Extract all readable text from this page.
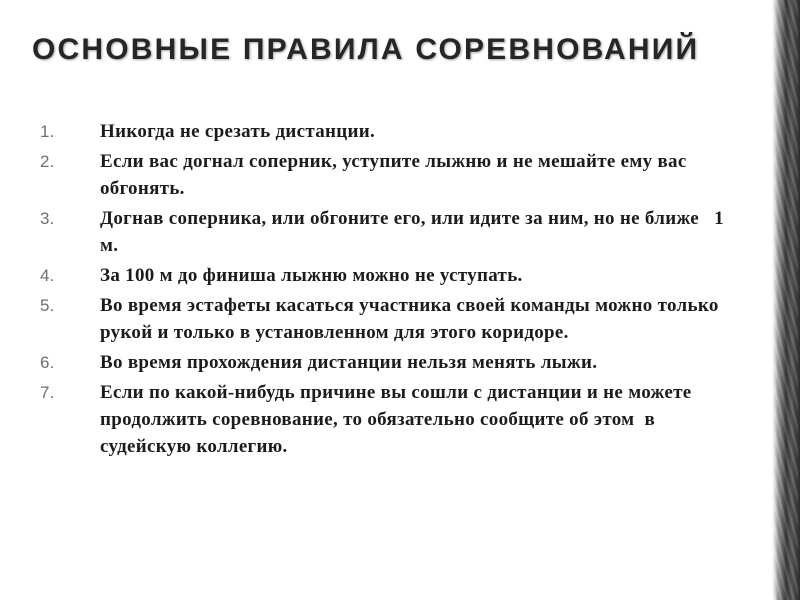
ОСНОВНЫЕ ПРАВИЛА СОРЕВНОВАНИЙ
1.	Никогда не срезать дистанции.
2.	Если вас догнал соперник, уступите лыжню и не мешайте ему вас обгонять.
3.	Догнав соперника, или обгоните его, или идите за ним, но не ближе   1 м.
4.	За 100 м до финиша лыжню можно не уступать.
5.	Во время эстафеты касаться участника своей команды можно только рукой и только в установленном для этого коридоре.
6.	Во время прохождения дистанции нельзя менять лыжи.
7.	Если по какой-нибудь причине вы сошли с дистанции и не можете продолжить соревнование, то обязательно сообщите об этом  в судейскую коллегию.
